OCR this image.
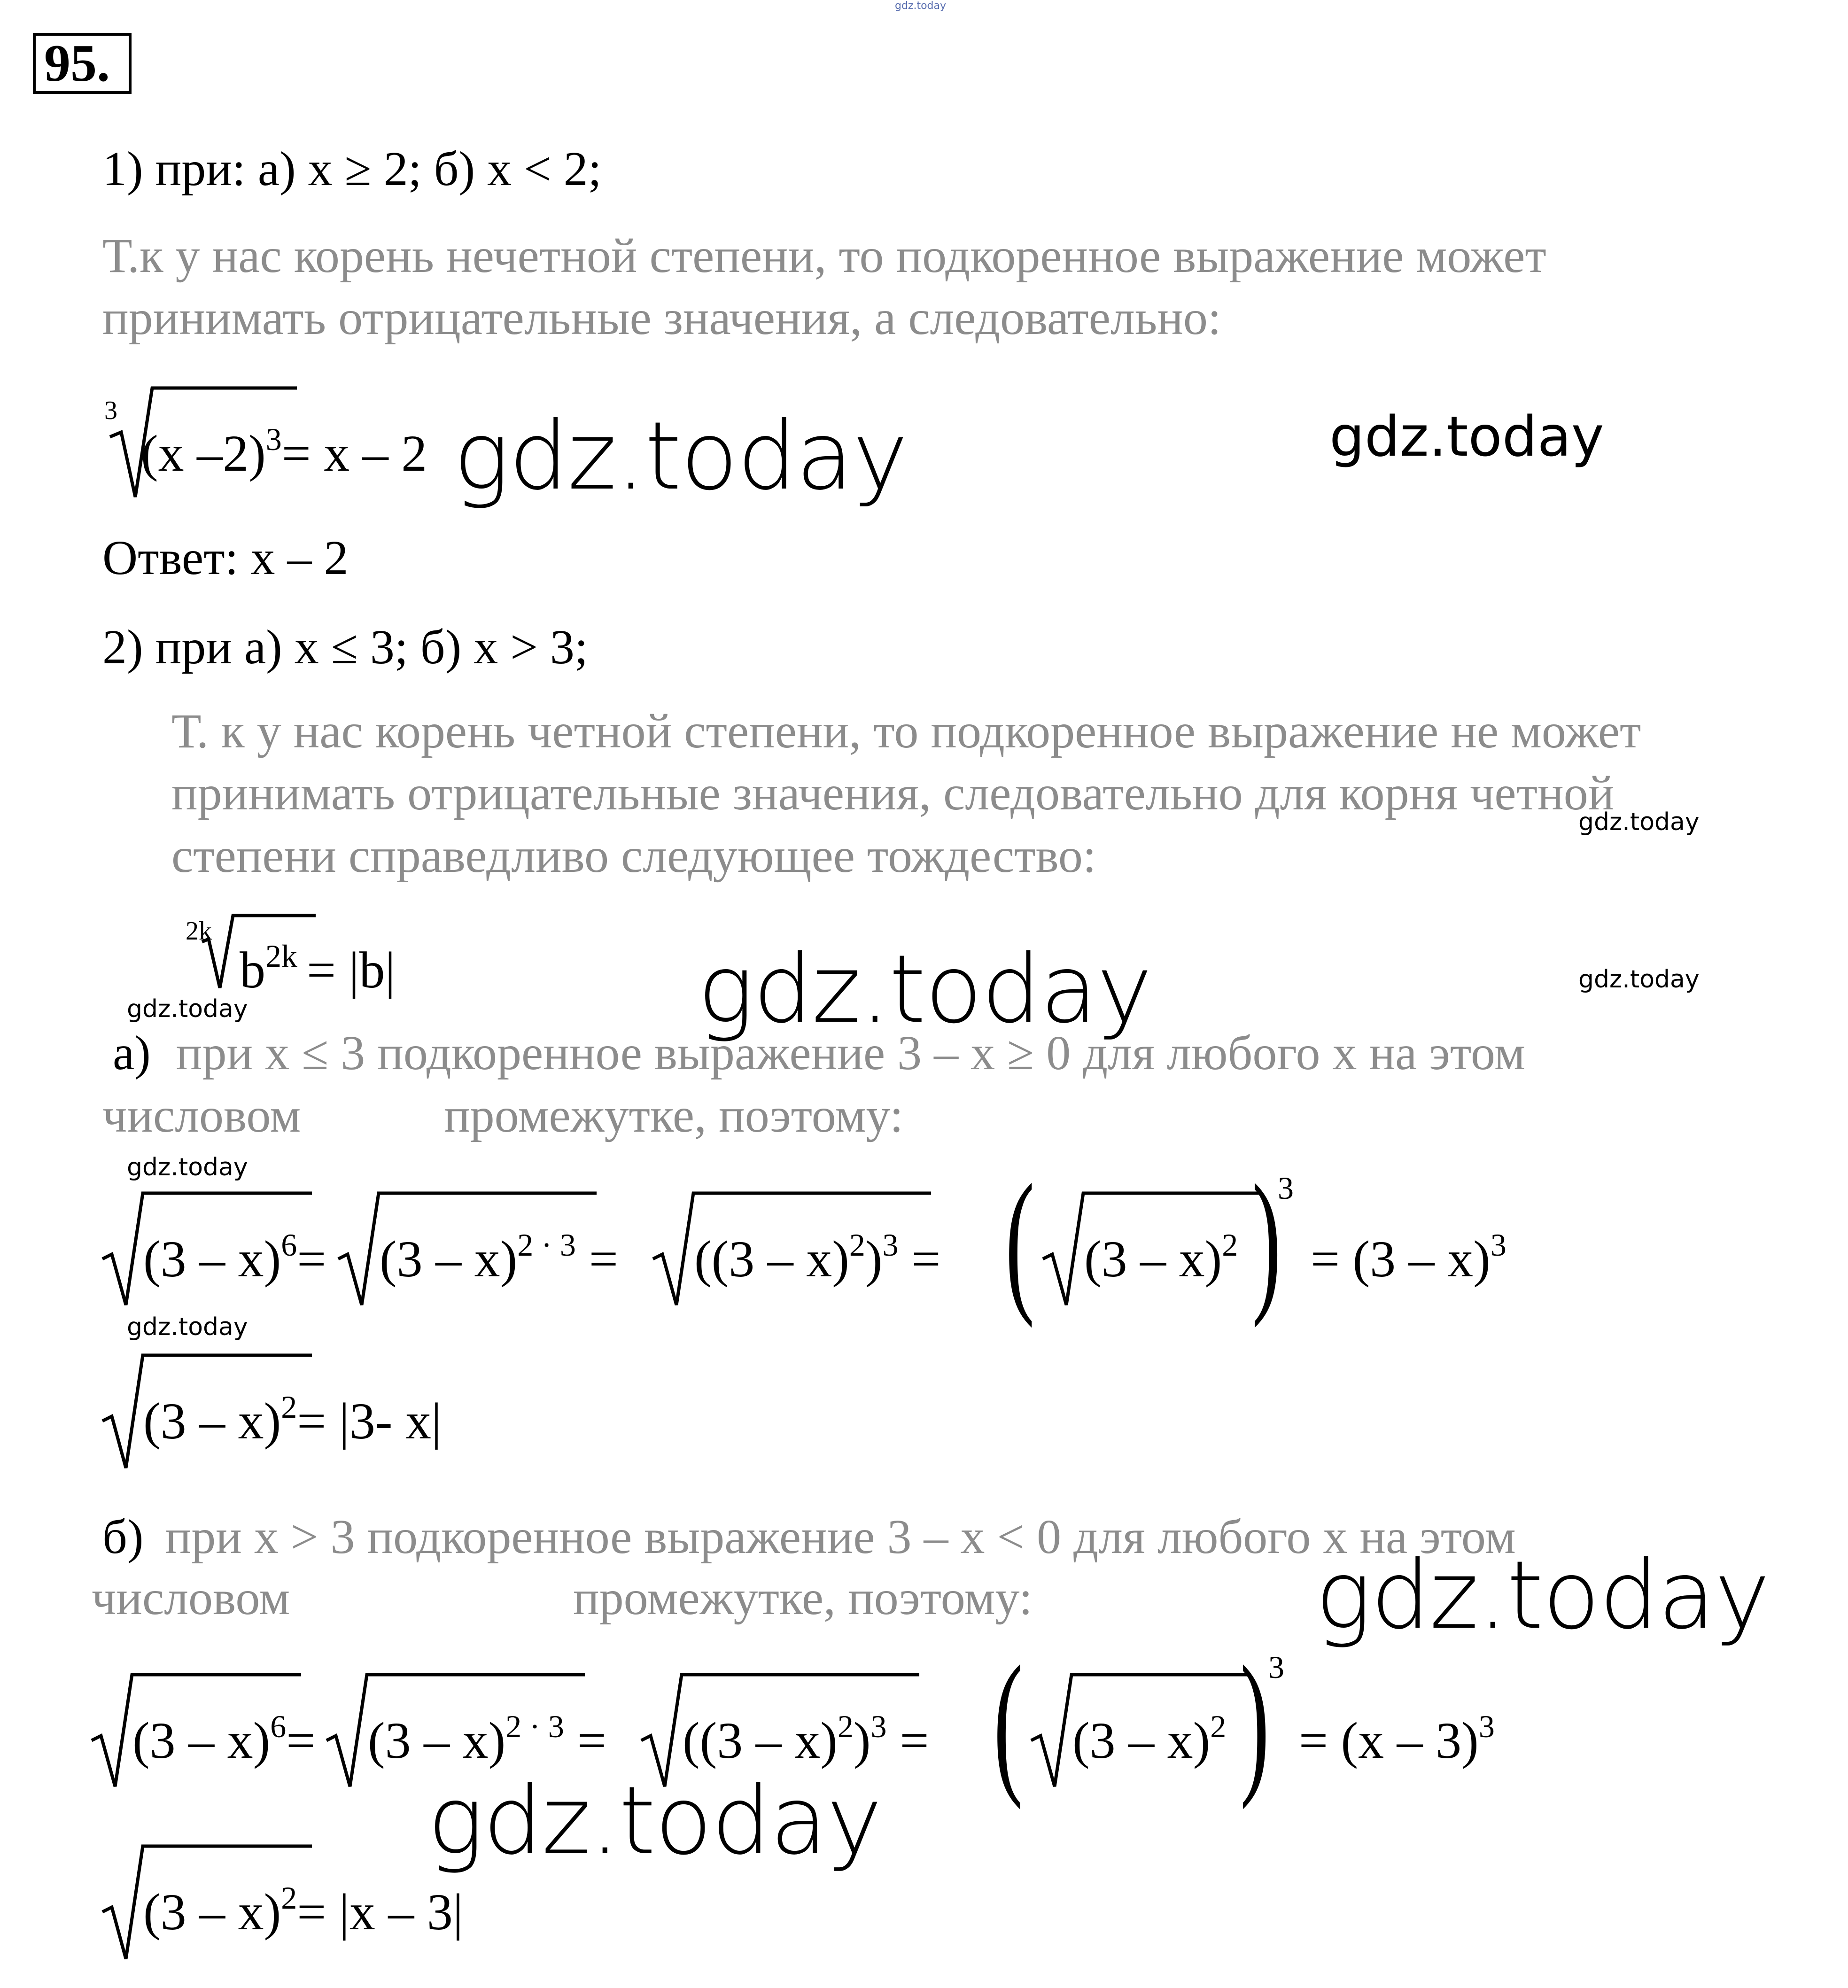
gdz.today
95.
1) при: а) x ≥ 2; б) x < 2;
Т.к у нас корень нечетной степени, то подкоренное выражение может
принимать отрицательные значения, а следовательно:
3
(x –2)$^3$= x – 2 gdz.today	gdz.today
Ответ: x – 2
2) при а) x ≤ 3; б) x > 3;
Т. к у нас корень четной степени, то подкоренное выражение не может
принимать отрицательные значения, следовательно для корня четной
gdz.today
степени справедливо следующее тождество:
2k
$b^{2k} = |b|$
gdz.today	gdz.today	gdz.today
а) при x ≤ 3 подкоренное выражение 3 – x ≥ 0 для любого x на этом
числовом	промежутке, поэтому:
gdz.today
(3 – x)$^6$= (3 – x)$^{2 \cdot 3}$ = ((3 – x)$^2$)$^3$ = ( (3 – x)$^2$ )
3
= (3 – x)$^3$
gdz.today
(3 – x)$^2$= |3- x|
б) при x > 3 подкоренное выражение 3 – x < 0 для любого x на этом
числовом	промежутке, поэтому:	gdz.today
(3 – x)$^6$= (3 – x)$^{2 \cdot 3}$ = ((3 – x)$^2$)$^3$ = ( (3 – x)$^2$ )
3
= (x – 3)$^3$
gdz.today
(3 – x)$^2$= |x – 3|
